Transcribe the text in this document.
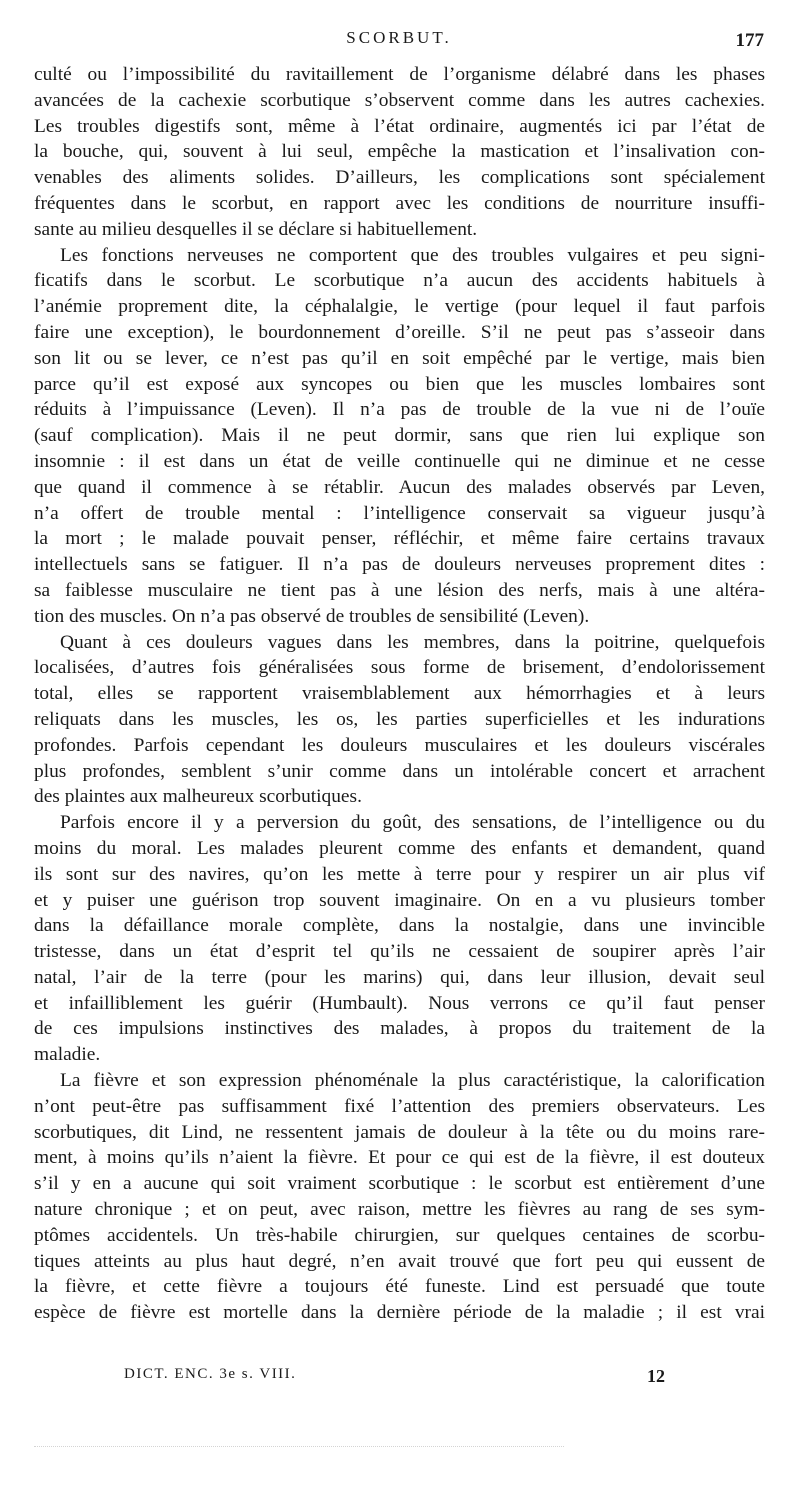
SCORBUT.	177
culté ou l’impossibilité du ravitaillement de l’organisme délabré dans les phases
avancées de la cachexie scorbutique s’observent comme dans les autres cachexies.
Les troubles digestifs sont, même à l’état ordinaire, augmentés ici par l’état de
la bouche, qui, souvent à lui seul, empêche la mastication et l’insalivation con-
venables des aliments solides. D’ailleurs, les complications sont spécialement
fréquentes dans le scorbut, en rapport avec les conditions de nourriture insuffi-
sante au milieu desquelles il se déclare si habituellement.
Les fonctions nerveuses ne comportent que des troubles vulgaires et peu signi-
ficatifs dans le scorbut. Le scorbutique n’a aucun des accidents habituels à
l’anémie proprement dite, la céphalalgie, le vertige (pour lequel il faut parfois
faire une exception), le bourdonnement d’oreille. S’il ne peut pas s’asseoir dans
son lit ou se lever, ce n’est pas qu’il en soit empêché par le vertige, mais bien
parce qu’il est exposé aux syncopes ou bien que les muscles lombaires sont
réduits à l’impuissance (Leven). Il n’a pas de trouble de la vue ni de l’ouïe
(sauf complication). Mais il ne peut dormir, sans que rien lui explique son
insomnie : il est dans un état de veille continuelle qui ne diminue et ne cesse
que quand il commence à se rétablir. Aucun des malades observés par Leven,
n’a offert de trouble mental : l’intelligence conservait sa vigueur jusqu’à
la mort ; le malade pouvait penser, réfléchir, et même faire certains travaux
intellectuels sans se fatiguer. Il n’a pas de douleurs nerveuses proprement dites :
sa faiblesse musculaire ne tient pas à une lésion des nerfs, mais à une altéra-
tion des muscles. On n’a pas observé de troubles de sensibilité (Leven).
Quant à ces douleurs vagues dans les membres, dans la poitrine, quelquefois
localisées, d’autres fois généralisées sous forme de brisement, d’endolorissement
total, elles se rapportent vraisemblablement aux hémorrhagies et à leurs
reliquats dans les muscles, les os, les parties superficielles et les indurations
profondes. Parfois cependant les douleurs musculaires et les douleurs viscérales
plus profondes, semblent s’unir comme dans un intolérable concert et arrachent
des plaintes aux malheureux scorbutiques.
Parfois encore il y a perversion du goût, des sensations, de l’intelligence ou du
moins du moral. Les malades pleurent comme des enfants et demandent, quand
ils sont sur des navires, qu’on les mette à terre pour y respirer un air plus vif
et y puiser une guérison trop souvent imaginaire. On en a vu plusieurs tomber
dans la défaillance morale complète, dans la nostalgie, dans une invincible
tristesse, dans un état d’esprit tel qu’ils ne cessaient de soupirer après l’air
natal, l’air de la terre (pour les marins) qui, dans leur illusion, devait seul
et infailliblement les guérir (Humbault). Nous verrons ce qu’il faut penser
de ces impulsions instinctives des malades, à propos du traitement de la
maladie.
La fièvre et son expression phénoménale la plus caractéristique, la calorification
n’ont peut-être pas suffisamment fixé l’attention des premiers observateurs. Les
scorbutiques, dit Lind, ne ressentent jamais de douleur à la tête ou du moins rare-
ment, à moins qu’ils n’aient la fièvre. Et pour ce qui est de la fièvre, il est douteux
s’il y en a aucune qui soit vraiment scorbutique : le scorbut est entièrement d’une
nature chronique ; et on peut, avec raison, mettre les fièvres au rang de ses sym-
ptômes accidentels. Un très-habile chirurgien, sur quelques centaines de scorbu-
tiques atteints au plus haut degré, n’en avait trouvé que fort peu qui eussent de
la fièvre, et cette fièvre a toujours été funeste. Lind est persuadé que toute
espèce de fièvre est mortelle dans la dernière période de la maladie ; il est vrai
DICT. ENC. 3e s. VIII.	12
